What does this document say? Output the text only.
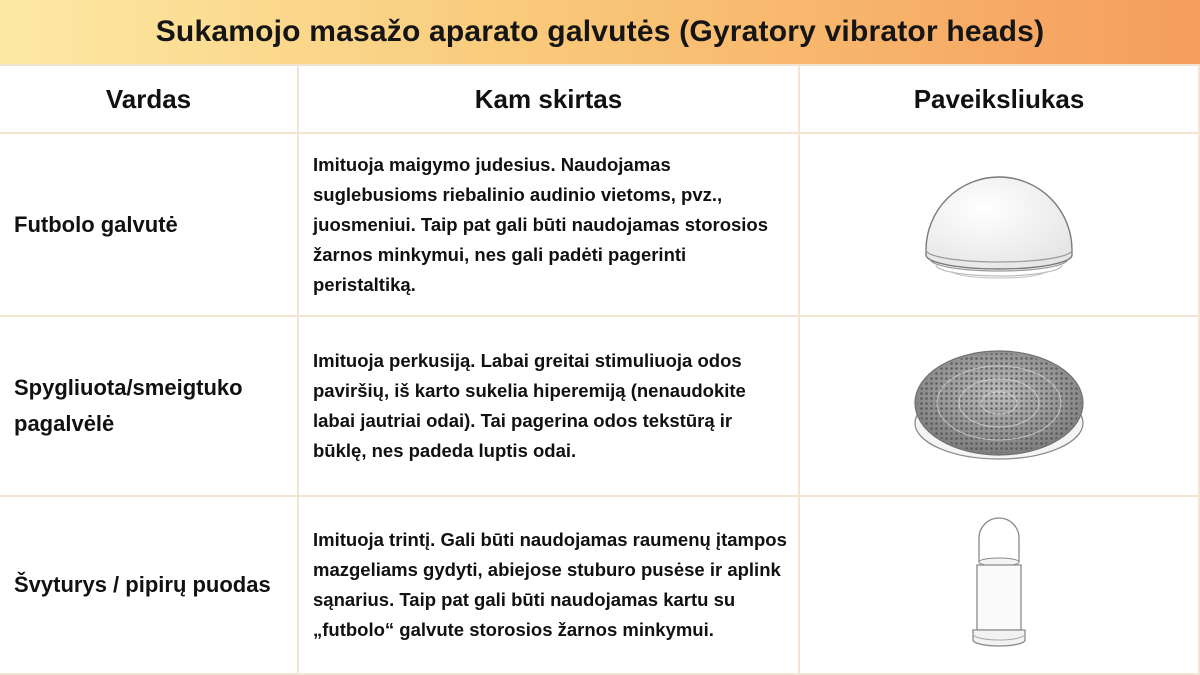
Sukamojo masažo aparato galvutės (Gyratory vibrator heads)
Vardas	Kam skirtas	Paveiksliukas
Futbolo galvutė
Imituoja maigymo judesius. Naudojamas suglebusioms riebalinio audinio vietoms, pvz., juosmeniui. Taip pat gali būti naudojamas storosios žarnos minkymui, nes gali padėti pagerinti peristaltiką.
Spygliuota/smeigtuko pagalvėlė
Imituoja perkusiją. Labai greitai stimuliuoja odos paviršių, iš karto sukelia hiperemiją (nenaudokite labai jautriai odai). Tai pagerina odos tekstūrą ir būklę, nes padeda luptis odai.
Švyturys / pipirų puodas
Imituoja trintį. Gali būti naudojamas raumenų įtampos mazgeliams gydyti, abiejose stuburo pusėse ir aplink sąnarius. Taip pat gali būti naudojamas kartu su „futbolo“ galvute storosios žarnos minkymui.
